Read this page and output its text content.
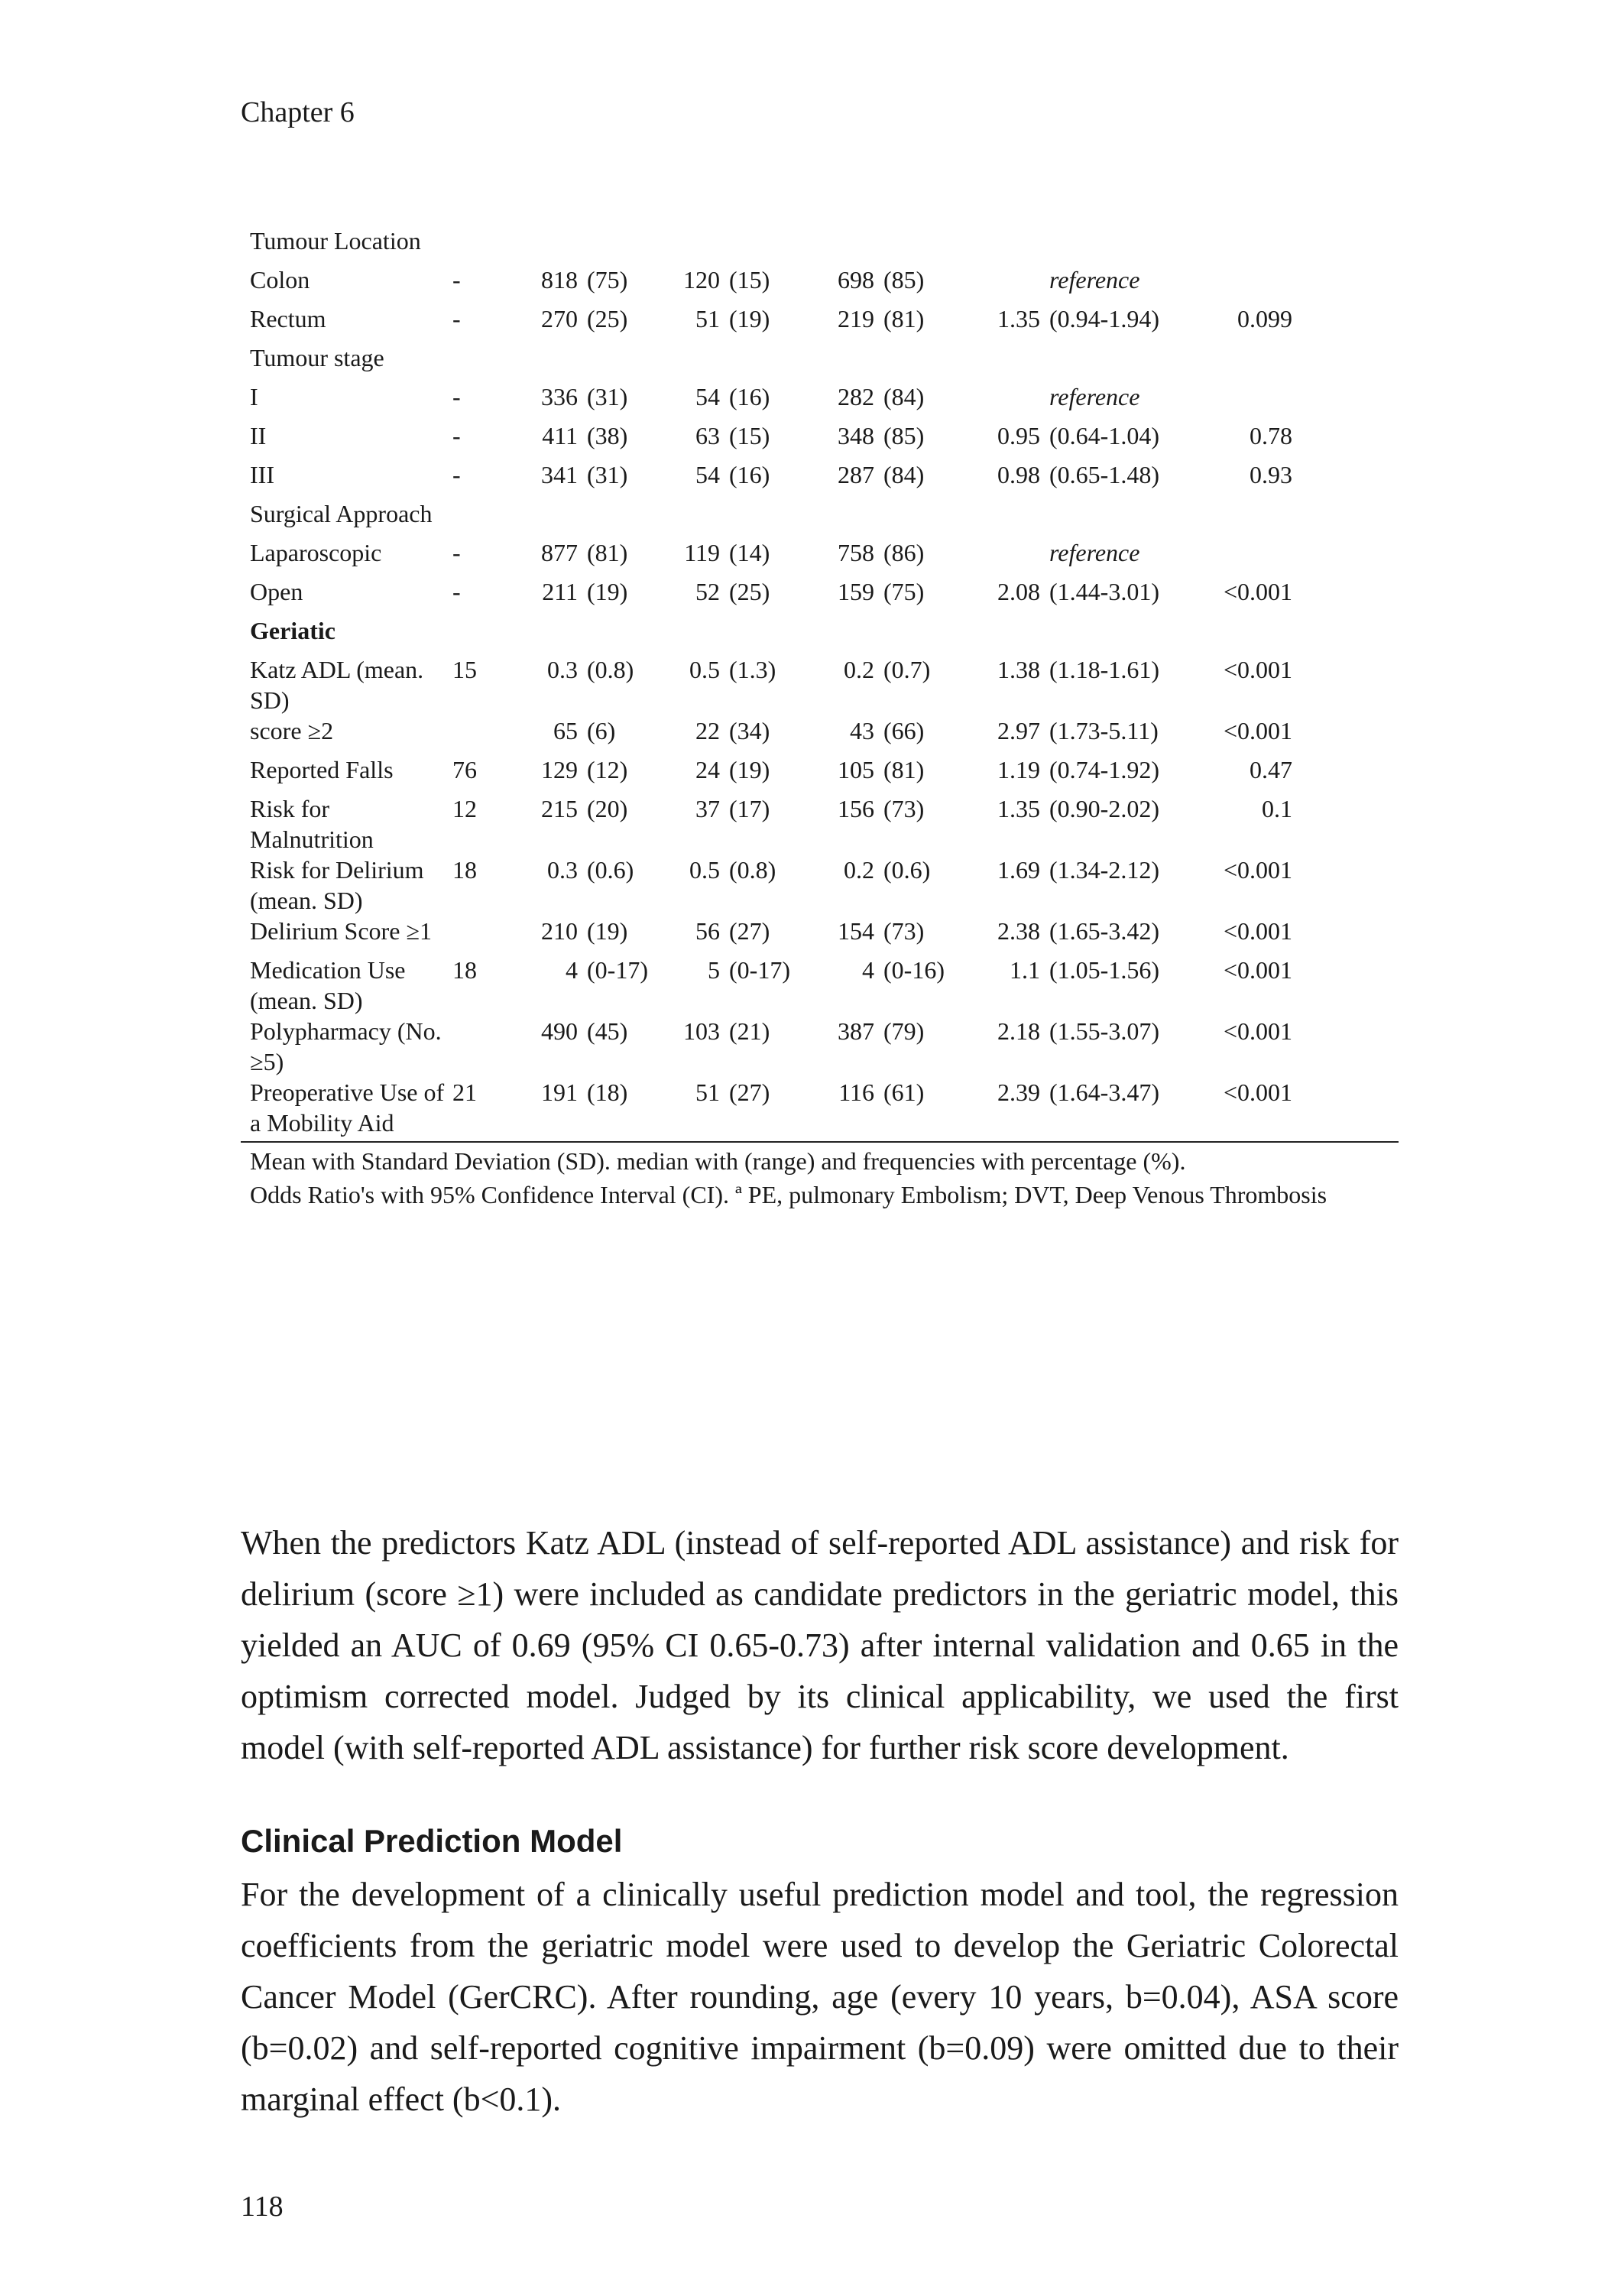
Chapter 6
Tumour Location										
Colon	-	818	(75)	120	(15)	698	(85)		reference	
Rectum	-	270	(25)	51	(19)	219	(81)	1.35	(0.94-1.94)	0.099
Tumour stage										
I	-	336	(31)	54	(16)	282	(84)		reference	
II	-	411	(38)	63	(15)	348	(85)	0.95	(0.64-1.04)	0.78
III	-	341	(31)	54	(16)	287	(84)	0.98	(0.65-1.48)	0.93
Surgical Approach										
Laparoscopic	-	877	(81)	119	(14)	758	(86)		reference	
Open	-	211	(19)	52	(25)	159	(75)	2.08	(1.44-3.01)	<0.001
Geriatic										
Katz ADL (mean. SD)	15	0.3	(0.8)	0.5	(1.3)	0.2	(0.7)	1.38	(1.18-1.61)	<0.001
score ≥2		65	(6)	22	(34)	43	(66)	2.97	(1.73-5.11)	<0.001
Reported Falls	76	129	(12)	24	(19)	105	(81)	1.19	(0.74-1.92)	0.47
Risk for Malnutrition	12	215	(20)	37	(17)	156	(73)	1.35	(0.90-2.02)	0.1
Risk for Delirium (mean. SD)	18	0.3	(0.6)	0.5	(0.8)	0.2	(0.6)	1.69	(1.34-2.12)	<0.001
Delirium Score ≥1		210	(19)	56	(27)	154	(73)	2.38	(1.65-3.42)	<0.001
Medication Use (mean. SD)	18	4	(0-17)	5	(0-17)	4	(0-16)	1.1	(1.05-1.56)	<0.001
Polypharmacy (No. ≥5)		490	(45)	103	(21)	387	(79)	2.18	(1.55-3.07)	<0.001
Preoperative Use of a Mobility Aid	21	191	(18)	51	(27)	116	(61)	2.39	(1.64-3.47)	<0.001
Mean with Standard Deviation (SD). median with (range) and frequencies with percentage (%).
Odds Ratio's with 95% Confidence Interval (CI). ª PE, pulmonary Embolism; DVT, Deep Venous Thrombosis
When the predictors Katz ADL (instead of self-reported ADL assistance) and risk for delirium (score ≥1) were included as candidate predictors in the geriatric model, this yielded an AUC of 0.69 (95% CI 0.65-0.73) after internal validation and 0.65 in the optimism corrected model. Judged by its clinical applicability, we used the first model (with self-reported ADL assistance) for further risk score development.
Clinical Prediction Model
For the development of a clinically useful prediction model and tool, the regression coefficients from the geriatric model were used to develop the Geriatric Colorectal Cancer Model (GerCRC). After rounding, age (every 10 years, b=0.04), ASA score (b=0.02) and self-reported cognitive impairment (b=0.09) were omitted due to their marginal effect (b<0.1).
118
